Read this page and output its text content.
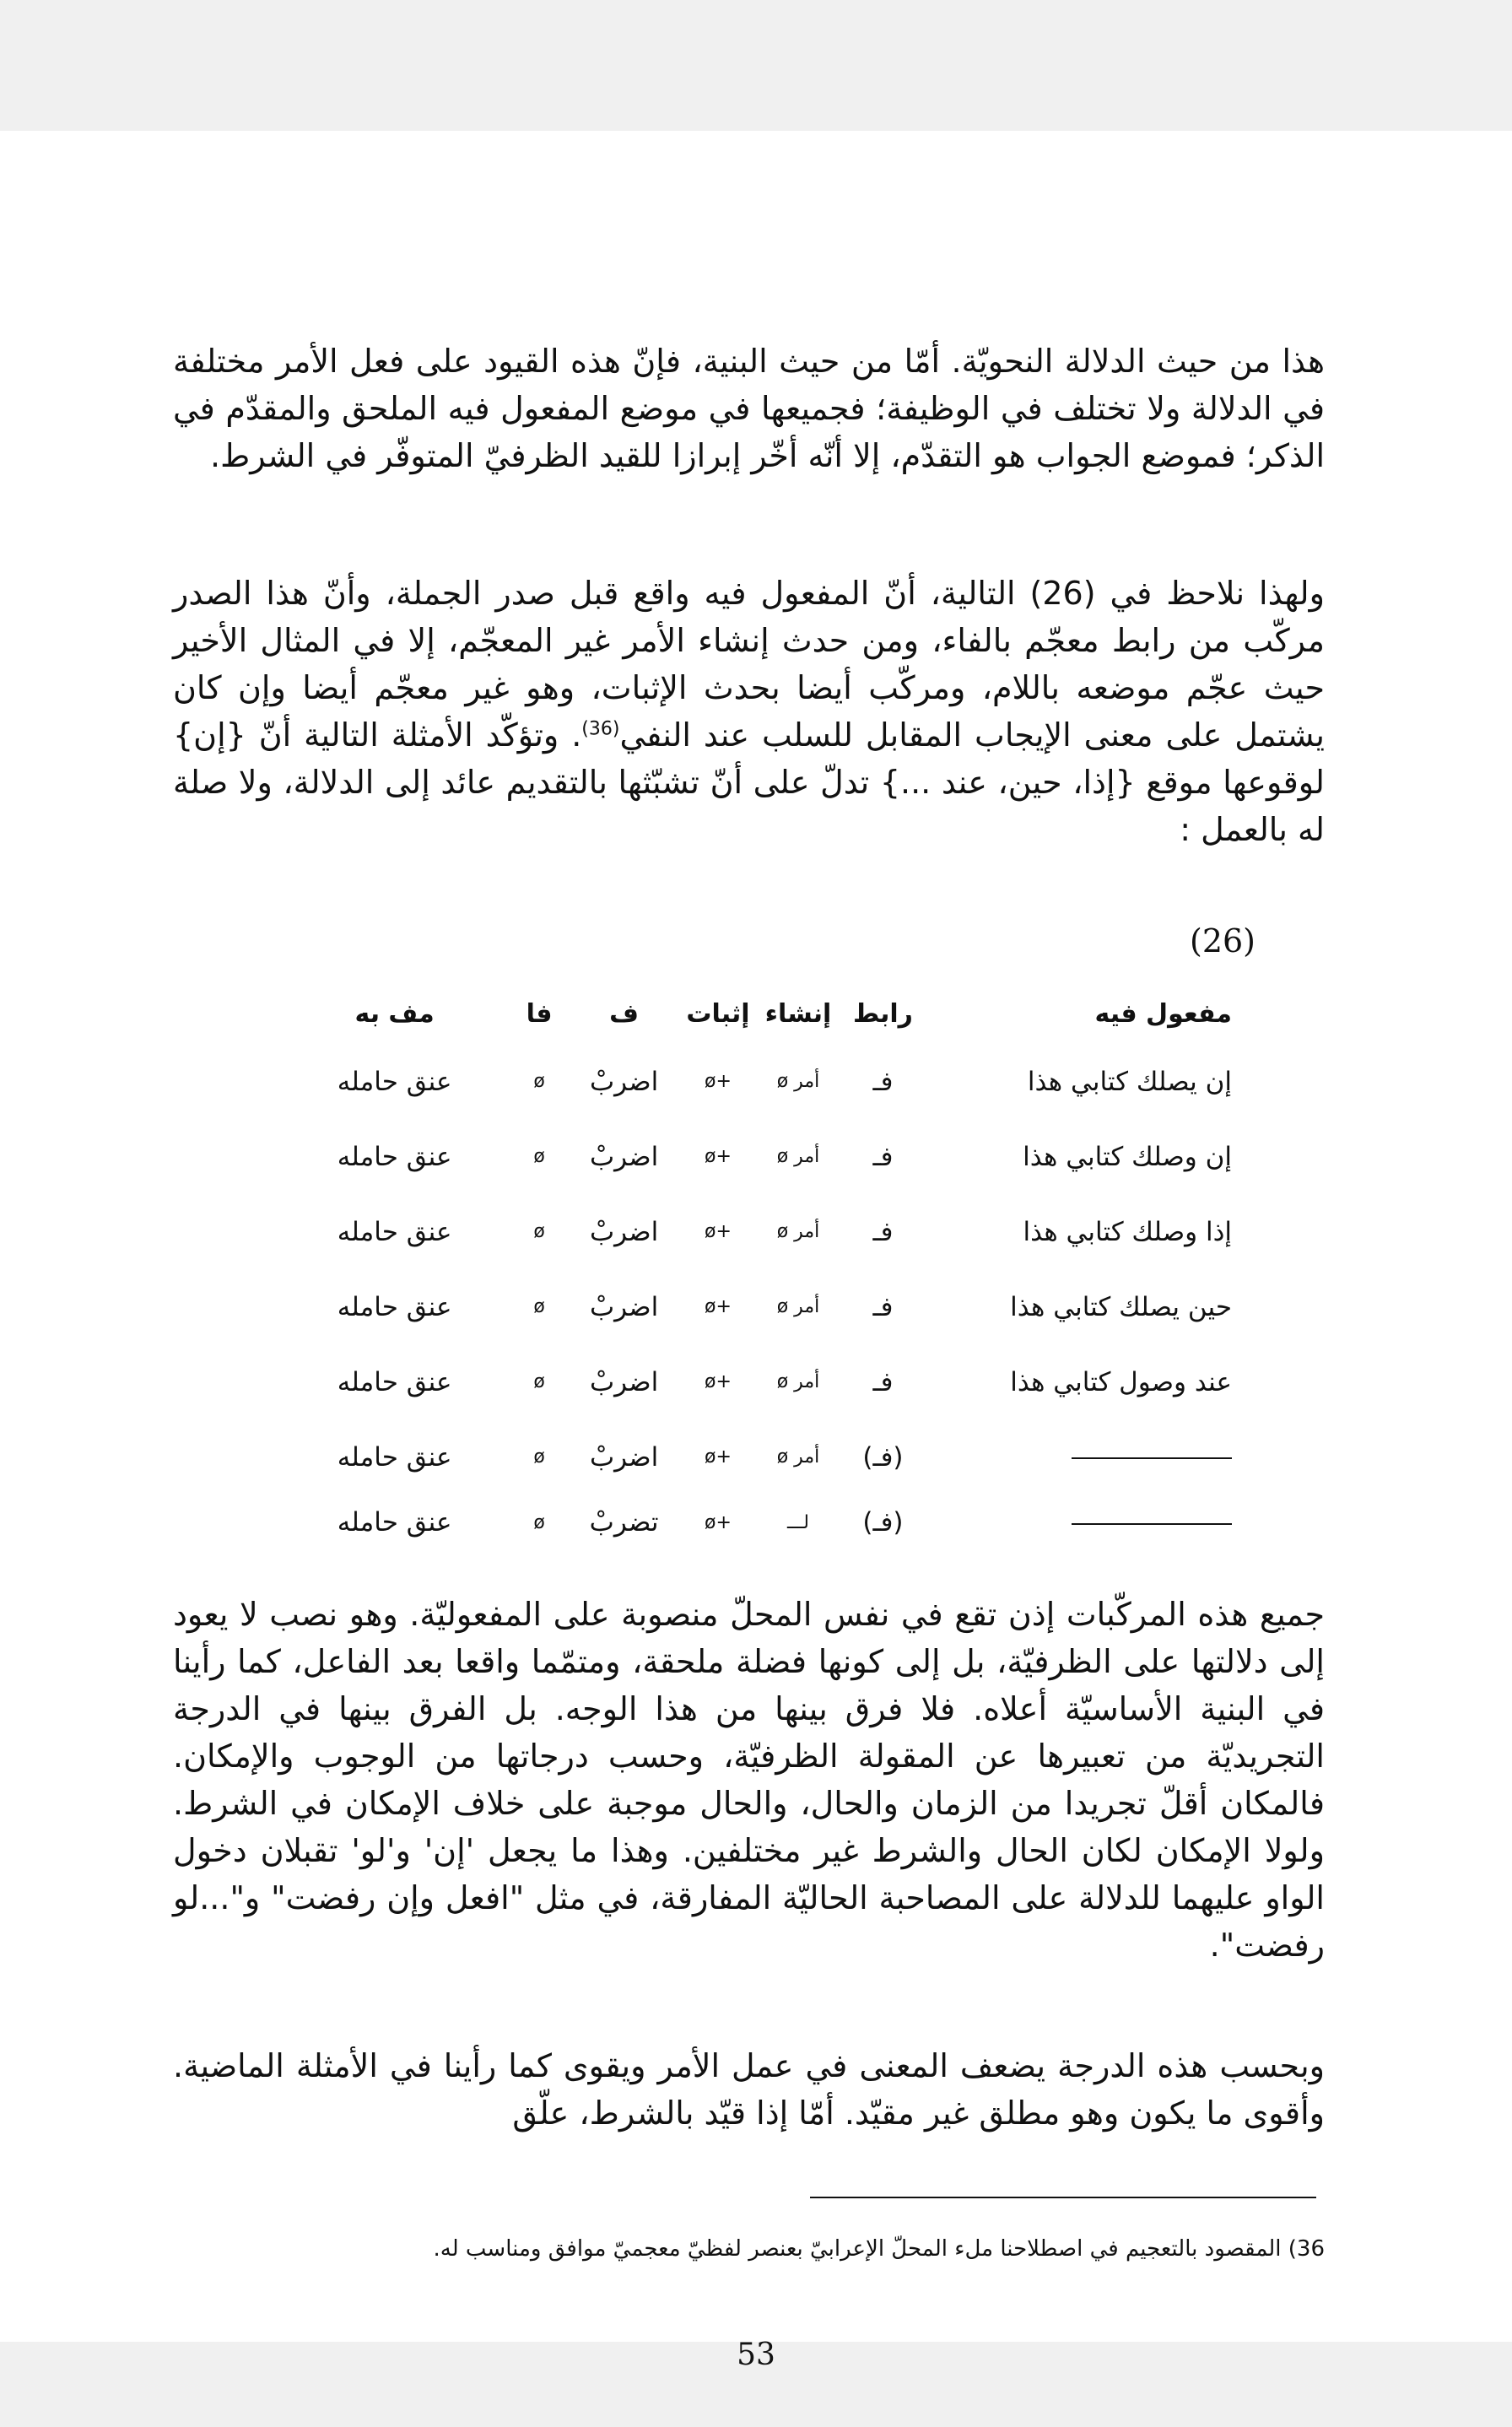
هذا من حيث الدلالة النحويّة. أمّا من حيث البنية، فإنّ هذه القيود على فعل الأمر مختلفة في الدلالة ولا تختلف في الوظيفة؛ فجميعها في موضع المفعول فيه الملحق والمقدّم في الذكر؛ فموضع الجواب هو التقدّم، إلا أنّه أخّر إبرازا للقيد الظرفيّ المتوفّر في الشرط.

ولهذا نلاحظ في (26) التالية، أنّ المفعول فيه واقع قبل صدر الجملة، وأنّ هذا الصدر مركّب من رابط معجّم بالفاء، ومن حدث إنشاء الأمر غير المعجّم، إلا في المثال الأخير حيث عجّم موضعه باللام، ومركّب أيضا بحدث الإثبات، وهو غير معجّم أيضا وإن كان يشتمل على معنى الإيجاب المقابل للسلب عند النفي$^{(36)}$. وتؤكّد الأمثلة التالية أنّ {إن} لوقوعها موقع {إذا، حين، عند ...} تدلّ على أنّ تشبّثها بالتقديم عائد إلى الدلالة، ولا صلة له بالعمل :

(26)
مفعول فيه	رابط	إنشاء	إثبات	ف	فا	مف به
إن يصلك كتابي هذا	فـ	أمر ø	+ø	اضربْ	ø	عنق حامله
إن وصلك كتابي هذا	فـ	أمر ø	+ø	اضربْ	ø	عنق حامله
إذا وصلك كتابي هذا	فـ	أمر ø	+ø	اضربْ	ø	عنق حامله
حين يصلك كتابي هذا	فـ	أمر ø	+ø	اضربْ	ø	عنق حامله
عند وصول كتابي هذا	فـ	أمر ø	+ø	اضربْ	ø	عنق حامله
	(فـ)	أمر ø	+ø	اضربْ	ø	عنق حامله
	(فـ)	لـــ	+ø	تضربْ	ø	عنق حامله

جميع هذه المركّبات إذن تقع في نفس المحلّ منصوبة على المفعوليّة. وهو نصب لا يعود إلى دلالتها على الظرفيّة، بل إلى كونها فضلة ملحقة، ومتمّما واقعا بعد الفاعل، كما رأينا في البنية الأساسيّة أعلاه. فلا فرق بينها من هذا الوجه. بل الفرق بينها في الدرجة التجريديّة من تعبيرها عن المقولة الظرفيّة، وحسب درجاتها من الوجوب والإمكان. فالمكان أقلّ تجريدا من الزمان والحال، والحال موجبة على خلاف الإمكان في الشرط. ولولا الإمكان لكان الحال والشرط غير مختلفين. وهذا ما يجعل 'إن' و'لو' تقبلان دخول الواو عليهما للدلالة على المصاحبة الحاليّة المفارقة، في مثل "افعل وإن رفضت" و"...لو رفضت".

وبحسب هذه الدرجة يضعف المعنى في عمل الأمر ويقوى كما رأينا في الأمثلة الماضية. وأقوى ما يكون وهو مطلق غير مقيّد. أمّا إذا قيّد بالشرط، علّق

36) المقصود بالتعجيم في اصطلاحنا ملء المحلّ الإعرابيّ بعنصر لفظيّ معجميّ موافق ومناسب له.

53
